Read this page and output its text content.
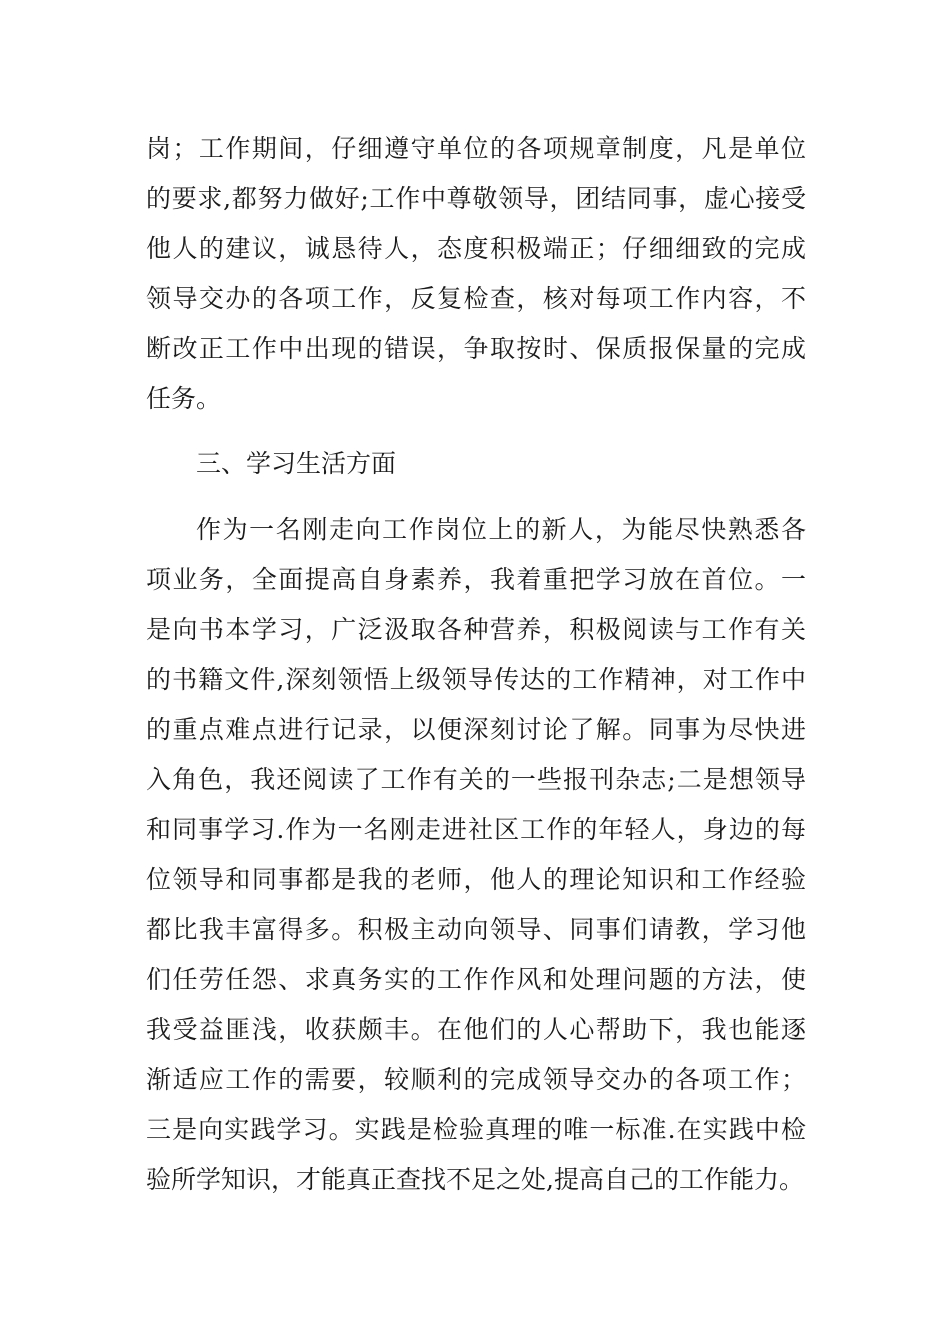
岗；工作期间，仔细遵守单位的各项规章制度，凡是单位
的要求,都努力做好;工作中尊敬领导，团结同事，虚心接受
他人的建议，诚恳待人，态度积极端正；仔细细致的完成
领导交办的各项工作，反复检查，核对每项工作内容，不
断改正工作中出现的错误，争取按时、保质报保量的完成
任务。
三、学习生活方面
作为一名刚走向工作岗位上的新人，为能尽快熟悉各
项业务，全面提高自身素养，我着重把学习放在首位。一
是向书本学习，广泛汲取各种营养，积极阅读与工作有关
的书籍文件,深刻领悟上级领导传达的工作精神，对工作中
的重点难点进行记录，以便深刻讨论了解。同事为尽快进
入角色，我还阅读了工作有关的一些报刊杂志;二是想领导
和同事学习.作为一名刚走进社区工作的年轻人，身边的每
位领导和同事都是我的老师，他人的理论知识和工作经验
都比我丰富得多。积极主动向领导、同事们请教，学习他
们任劳任怨、求真务实的工作作风和处理问题的方法，使
我受益匪浅，收获颇丰。在他们的人心帮助下，我也能逐
渐适应工作的需要，较顺利的完成领导交办的各项工作；
三是向实践学习。实践是检验真理的唯一标准.在实践中检
验所学知识，才能真正查找不足之处,提高自己的工作能力。
